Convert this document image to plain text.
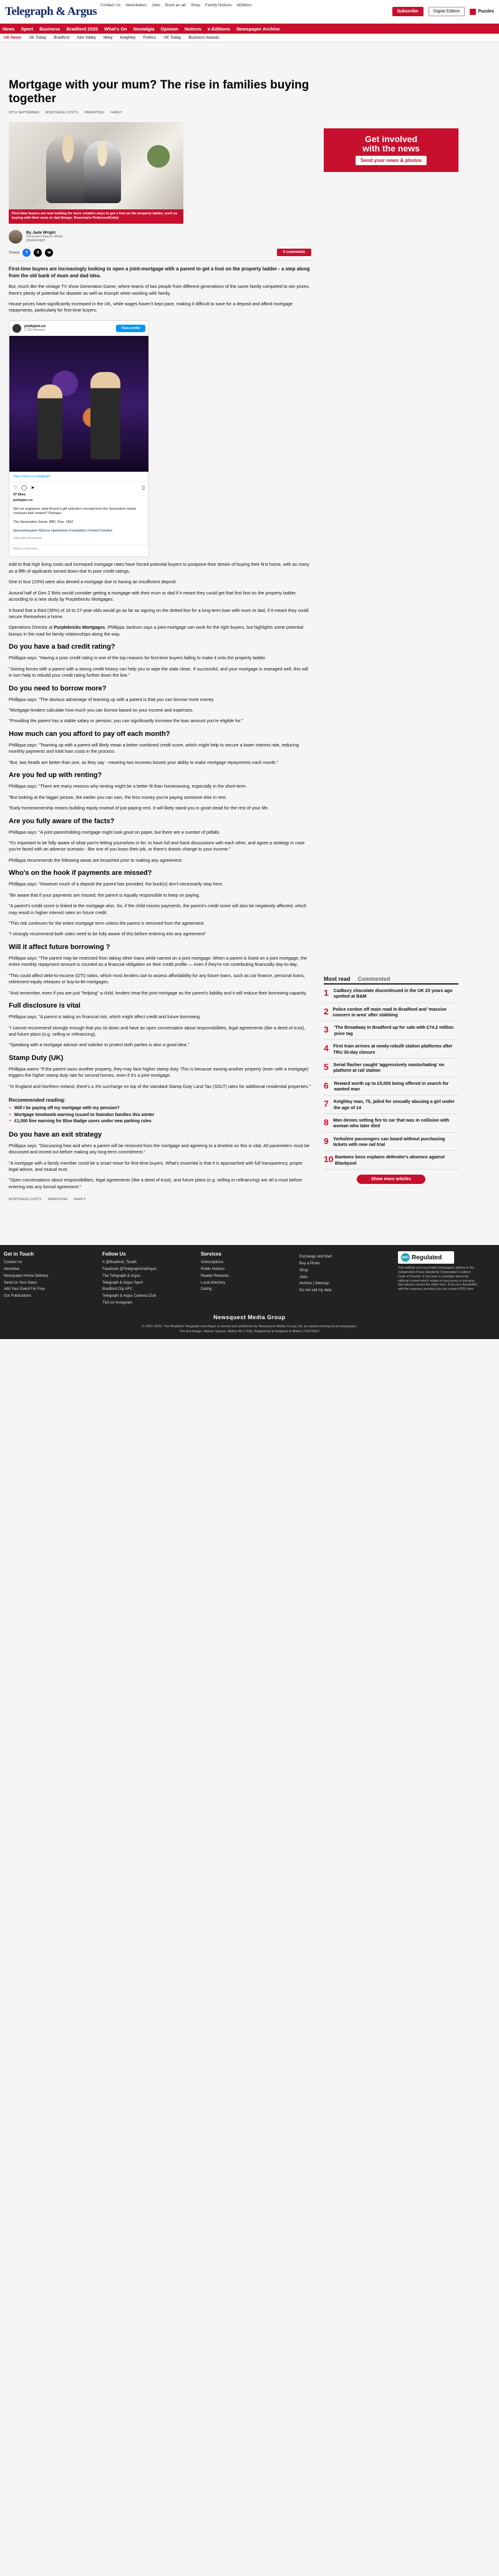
Telegraph & Argus Contact Us Newsletters Jobs Book an ad Shop Family Notices eEdition
Subscribe	Digital Edition	Puzzles
News Sport Business Bradford 2025 What's On Nostalgia Opinion Notices e-Editions Newspaper Archive
UK News UK Today Bradford Aire Valley Ilkley Keighley Politics UK Today Business Awards
Mortgage with your mum? The rise in families buying together
20TH SEPTEMBER MORTGAGE COSTS PARENTING FAMILY
First-time buyers are now looking for more creative ways to get a foot on the property ladder, such as buying with their mum or dad (Image: Rosemarie Pedersen/Getty)
By Jade Wright
Personal Finance Writer
@jadewright
Share	f	X	w	0 comments

First-time buyers are increasingly looking to open a joint-mortgage with a parent to get a foot on the property ladder - a step along from the old bank of mum and dad idea.

But, much like the vintage TV show Generation Game, where teams of two people from different generations of the same family competed to win prizes, there's plenty of potential for disaster as well as triumph when working with family.

House prices have significantly increased in the UK, while wages haven't kept pace, making it difficult to save for a deposit and afford mortgage repayments, particularly for first-time buyers.

podopen.co
2,360 followers	View profile
View more on Instagram
♡ ◯ ➤	▯
37 likes
podopen.co
Did our engineers steal Brucie's gift selection concept from the Generation Game conveyer belt contest? Perhaps.
The Generation Game, BBC One, 1992.
#generationgame #bbcone #gameshow #competition #contest #nineties
View all comments
Add a comment...

Add to that high living costs and increased mortgage rates have forced potential buyers to postpone their dream of buying their first home, with as many as a fifth of applicants turned down due to poor credit ratings.

One in four (23%) were also denied a mortgage due to having an insufficient deposit.

Around half of Gen Z Brits would consider getting a mortgage with their mum or dad if it meant they could get that first foot on the property ladder, according to a new study by Purplebricks Mortgages.

It found that a third (35%) of 18 to 27-year-olds would go as far as signing on the dotted line for a long-term loan with mum or dad, if it meant they could secure themselves a home.

Operations Director at Purplebricks Mortgages, Phillippa Jackson says a joint-mortgage can work for the right buyers, but highlights some potential bumps in the road for family relationships along the way.

Do you have a bad credit rating?

Phillippa says: "Having a poor credit rating is one of the top reasons for first-time buyers failing to make it onto the property ladder.

"Joining forces with a parent with a strong credit history can help you to wipe the slate clean. If successful, and your mortgage is managed well, this will in turn help to rebuild your credit rating further down the line."

Do you need to borrow more?

Phillippa says: "The obvious advantage of teaming up with a parent is that you can borrow more money.

"Mortgage lenders calculate how much you can borrow based on your income and expenses.

"Providing the parent has a stable salary or pension, you can significantly increase the loan amount you're eligible for."

How much can you afford to pay off each month?

Phillippa says: "Teaming up with a parent will likely mean a better combined credit score, which might help to secure a lower interest rate, reducing monthly payments and total loan costs in the process.

"But, two heads are better than one, as they say - meaning two incomes boosts your ability to make mortgage repayments each month."

Are you fed up with renting?

Phillippa says: "There are many reasons why renting might be a better fit than homeowning, especially in the short-term.

"But looking at the bigger picture, the earlier you can own, the less money you're paying someone else in rent.

"Early homeownership means building equity instead of just paying rent. It will likely stand you in good stead for the rest of your life.

Are you fully aware of the facts?

Phillippa says: "A joint parent/sibling mortgage might look good on paper, but there are a number of pitfalls.

"It's important to be fully aware of what you're letting yourselves in for, to have full and frank discussions with each other, and agree a strategy in case you're faced with an adverse scenario - like one of you loses their job, or there's drastic change to your income."

Phillippa recommends the following areas are broached prior to making any agreement:

Who's on the hook if payments are missed?

Phillippa says: "However much of a deposit the parent has provided, the buck(s) don't necessarily stop here.

"Be aware that if your payments are missed, the parent is equally responsible to keep on paying.

"A parent's credit score is linked to the mortgage also. So, if the child misses payments, the parent's credit score will also be negatively affected, which may result in higher interest rates on future credit.

"This risk continues for the entire mortgage term unless the parent is removed from the agreement.

"I strongly recommend both sides need to be fully aware of this before entering into any agreement"

Will it affect future borrowing ?

Phillippa says: "The parent may be restricted from taking other loans while named on a joint mortgage. When a parent is listed on a joint mortgage, the entire monthly repayment amount is counted as a financial obligation on their credit profile — even if they're not contributing financially day-to-day.

"This could affect debt-to-income (DTI) ratios, which most lenders use to assess affordability for any future loans, such as car finance, personal loans, retirement equity releases or buy-to-let mortgages.

"And remember, even if you are just "helping" a child, lenders treat the joint mortgage as the parent's liability and it will reduce their borrowing capacity.

Full disclosure is vital

Phillippa says: "A parent is taking on financial risk, which might affect credit and future borrowing.

"I cannot recommend strongly enough that you sit down and have an open conversation about responsibilities, legal agreements (like a deed of trust), and future plans (e.g. selling or refinancing).

"Speaking with a mortgage advisor and solicitor to protect both parties is also a good idea."

Stamp Duty (UK)

Phillippa warns "If the parent owns another property, they may face higher stamp duty. This is because owning another property (even with a mortgage) triggers the higher stamp duty rate for second homes, even if it's a joint mortgage.

"In England and Northern Ireland, there's a 3% surcharge on top of the standard Stamp Duty Land Tax (SDLT) rates for additional residential properties."

Recommended reading:
• Will I be paying off my mortgage with my pension?
• Mortgage timebomb warning issued to Swindon families this winter
• £1,000 fine warning for Blue Badge users under new parking rules
Do you have an exit strategy

Phillippa says: "Discussing how and when a parent will be removed from the mortgage and agreeing to a timeline on this is vital. All parameters must be discussed and ironed out before making any long-term commitment."

"A mortgage with a family member could be a smart move for first-time buyers. What's essential is that it is approached with full transparency, proper legal advice, and mutual trust.

"Open conversations about responsibilities, legal agreements (like a deed of trust), and future plans (e.g. selling or refinancing) are all a must before entering into any formal agreement."

MORTGAGE COSTS PARENTING FAMILY
Get involved
with the news
Send your news & photos
Most read Commented
1 Cadbury chocolate discontinued in the UK 23 years ago spotted at B&M
2 Police cordon off main road in Bradford and 'massive concern in area' after stabbing
3	'The Broadway in Bradford up for sale with £74.2 million price tag
4 First train arrives at newly-rebuilt station platforms after TRU 30-day closure
5 Serial flasher caught 'aggressively masturbating' on platform at rail station
6	Reward worth up to £5,000 being offered in search for wanted man
7	Keighley man, 75, jailed for sexually abusing a girl under the age of 14
8 Man denies setting fire to car that was in collision with woman who later died
9 Yorkshire passengers can board without purchasing tickets with new rail trial
10 Bantams boss explains defender's absence against Blackpool
Show more articles
Get in Touch
Contact Us
Advertise
Newspaper Home Delivery
Send Us Your News
Add Your Event For Free
Our Publications
Follow Us
X @Bradford_TandA
Facebook @TelegraphAndArgus
The Telegraph & Argus
Telegraph & Argus Sport
Bradford City AFC
Telegraph & Argus Camera Club
T&A on Instagram
Services
Subscriptions
Public Notices
Reader Rewards
Local directory
Dating
Exchange and Mart
Buy a Photo
Shop
Jobs
Archive | Sitemap
Do not sell my data
ipso Regulated
This website and associated newspapers adhere to the Independent Press Standards Organisation's Editors' Code of Practice. If you have a complaint about the editorial content which relates to inaccuracy or intrusion, then please contact the editor here. If you are dissatisfied with the response provided you can contact IPSO here
Newsquest Media Group
© 2001-2025. The Bradford Telegraph and Argus is owned and published by Newsquest Media Group Ltd, an award-winning local newspaper.
The Exchange, Nelson Square, Bolton BL1 1DA, Registered in England & Wales | 01676637
